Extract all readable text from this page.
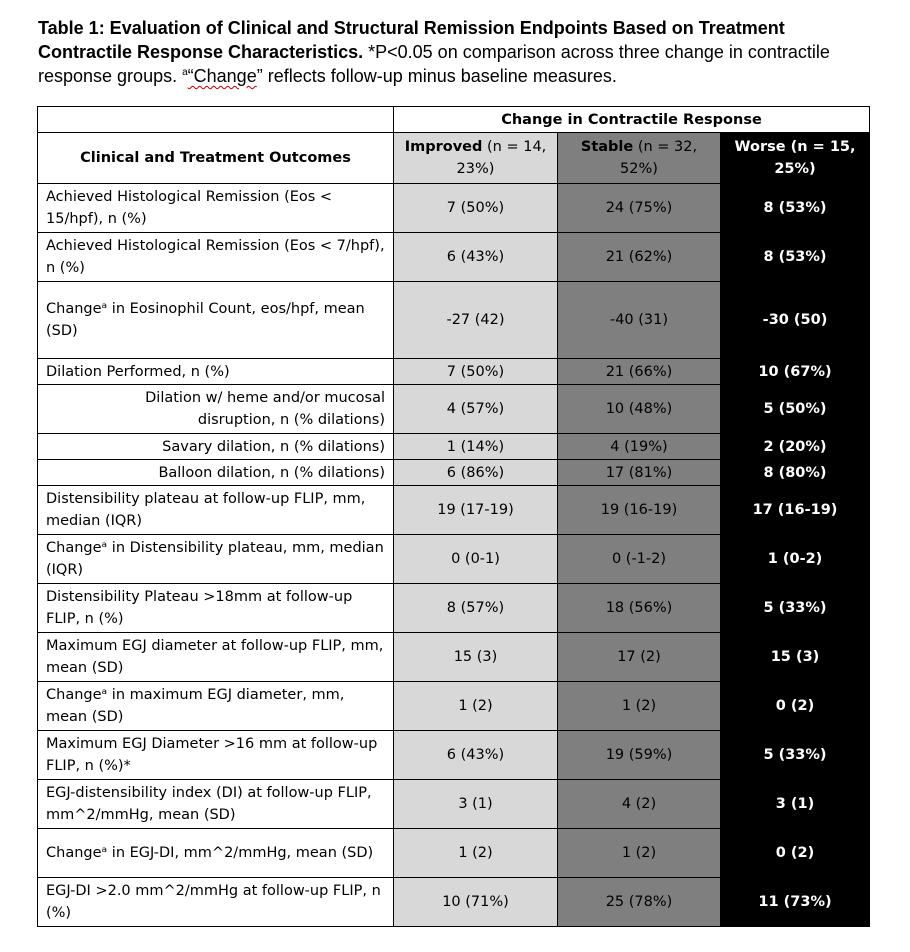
Table 1: Evaluation of Clinical and Structural Remission Endpoints Based on Treatment Contractile Response Characteristics. *P<0.05 on comparison across three change in contractile response groups. $^a$“Change” reflects follow-up minus baseline measures.
	Change in Contractile Response		
Clinical and Treatment Outcomes	Improved (n = 14, 23%)	Stable (n = 32, 52%)	Worse (n = 15, 25%)
Achieved Histological Remission (Eos < 15/hpf), n (%)	7 (50%)	24 (75%)	8 (53%)
Achieved Histological Remission (Eos < 7/hpf), n (%)	6 (43%)	21 (62%)	8 (53%)
Changeᵃ in Eosinophil Count, eos/hpf, mean (SD)	-27 (42)	-40 (31)	-30 (50)
Dilation Performed, n (%)	7 (50%)	21 (66%)	10 (67%)
Dilation w/ heme and/or mucosal disruption, n (% dilations)	4 (57%)	10 (48%)	5 (50%)
Savary dilation, n (% dilations)	1 (14%)	4 (19%)	2 (20%)
Balloon dilation, n (% dilations)	6 (86%)	17 (81%)	8 (80%)
Distensibility plateau at follow-up FLIP, mm, median (IQR)	19 (17-19)	19 (16-19)	17 (16-19)
Changeᵃ in Distensibility plateau, mm, median (IQR)	0 (0-1)	0 (-1-2)	1 (0-2)
Distensibility Plateau >18mm at follow-up FLIP, n (%)	8 (57%)	18 (56%)	5 (33%)
Maximum EGJ diameter at follow-up FLIP, mm, mean (SD)	15 (3)	17 (2)	15 (3)
Changeᵃ in maximum EGJ diameter, mm, mean (SD)	1 (2)	1 (2)	0 (2)
Maximum EGJ Diameter >16 mm at follow-up FLIP, n (%)*	6 (43%)	19 (59%)	5 (33%)
EGJ-distensibility index (DI) at follow-up FLIP, mm^2/mmHg, mean (SD)	3 (1)	4 (2)	3 (1)
Changeᵃ in EGJ-DI, mm^2/mmHg, mean (SD)	1 (2)	1 (2)	0 (2)
EGJ-DI >2.0 mm^2/mmHg at follow-up FLIP, n (%)	10 (71%)	25 (78%)	11 (73%)
